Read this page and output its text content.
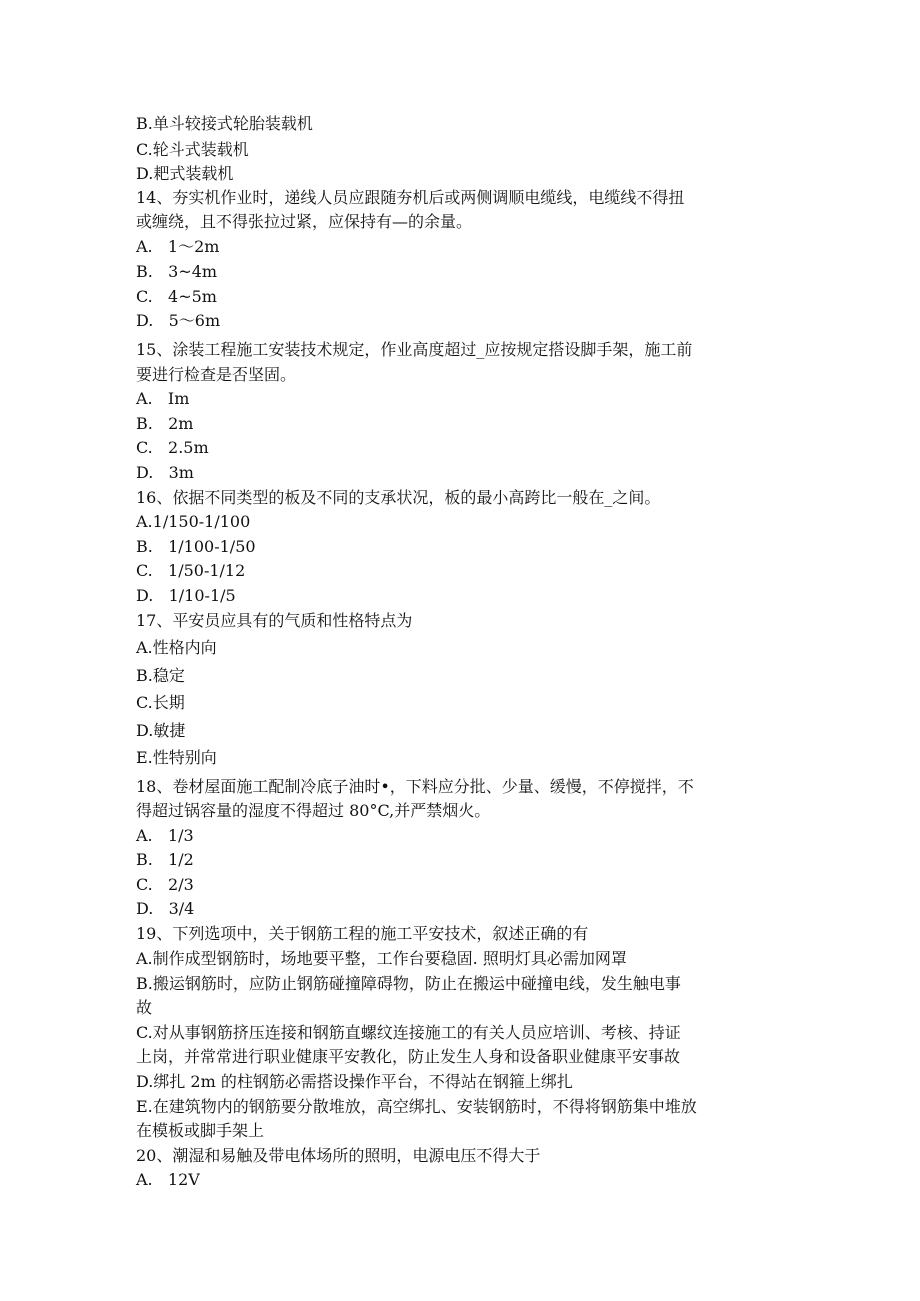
B.单斗较接式轮胎装载机

C.轮斗式装载机

D.耙式装载机

14、夯实机作业时，递线人员应跟随夯机后或两侧调顺电缆线，电缆线不得扭

或缠绕，且不得张拉过紧，应保持有—的余量。

A.   1～2m

B.   3~4m

C.   4~5m

D.   5～6m

15、涂装工程施工安装技术规定，作业高度超过_应按规定搭设脚手架，施工前

要进行检查是否坚固。

A.   Im

B.   2m

C.   2.5m

D.   3m

16、依据不同类型的板及不同的支承状况，板的最小高跨比一般在_之间。

A.1/150-1/100

B.   1/100-1/50

C.   1/50-1/12

D.   1/10-1/5

17、平安员应具有的气质和性格特点为

A.性格内向

B.稳定

C.长期

D.敏捷

E.性特别向

18、卷材屋面施工配制冷底子油时•，下料应分批、少量、缓慢，不停搅拌，不

得超过锅容量的湿度不得超过 80°C,并严禁烟火。

A.   1/3

B.   1/2

C.   2/3

D.   3/4

19、下列选项中，关于钢筋工程的施工平安技术，叙述正确的有

A.制作成型钢筋时，场地要平整，工作台要稳固. 照明灯具必需加网罩

B.搬运钢筋时，应防止钢筋碰撞障碍物，防止在搬运中碰撞电线，发生触电事

故

C.对从事钢筋挤压连接和钢筋直螺纹连接施工的有关人员应培训、考核、持证

上岗，并常常进行职业健康平安教化，防止发生人身和设备职业健康平安事故

D.绑扎 2m 的柱钢筋必需搭设操作平台，不得站在钢箍上绑扎

E.在建筑物内的钢筋要分散堆放，高空绑扎、安装钢筋时，不得将钢筋集中堆放

在模板或脚手架上

20、潮湿和易触及带电体场所的照明，电源电压不得大于

A.   12V
